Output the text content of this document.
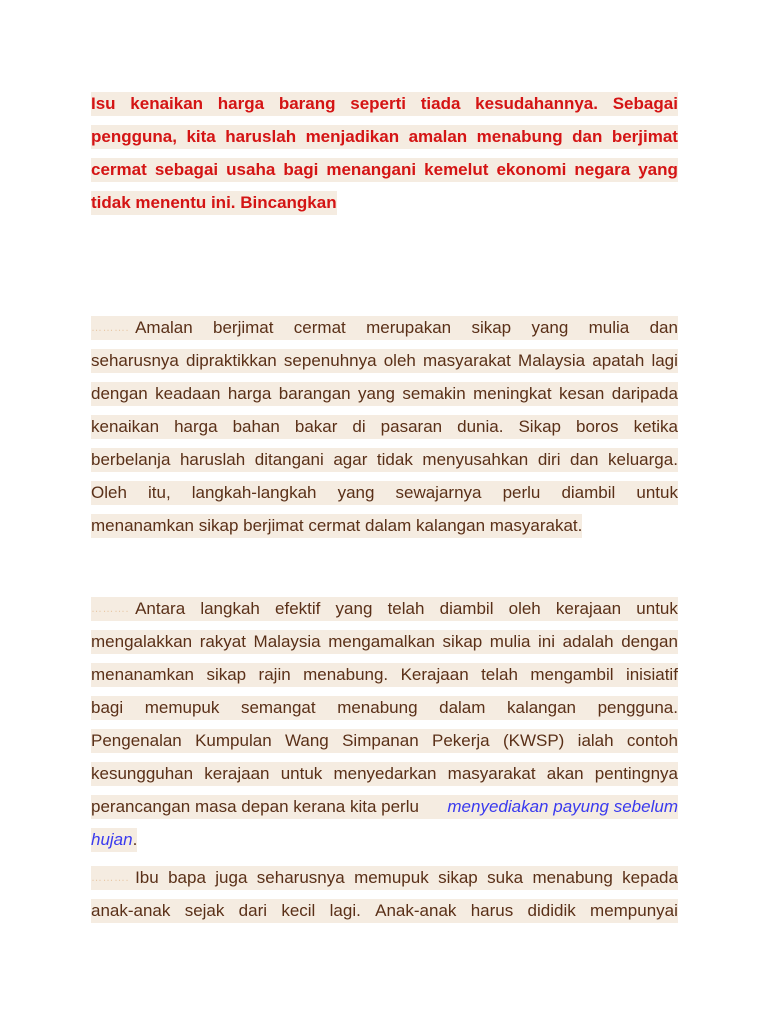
Isu kenaikan harga barang seperti tiada kesudahannya. Sebagai
pengguna, kita haruslah menjadikan amalan menabung dan berjimat
cermat sebagai usaha bagi menangani kemelut ekonomi negara yang
tidak menentu ini. Bincangkan
………. Amalan berjimat cermat merupakan sikap yang mulia dan
seharusnya dipraktikkan sepenuhnya oleh masyarakat Malaysia apatah lagi
dengan keadaan harga barangan yang semakin meningkat kesan daripada
kenaikan harga bahan bakar di pasaran dunia. Sikap boros ketika
berbelanja haruslah ditangani agar tidak menyusahkan diri dan keluarga.
Oleh itu, langkah-langkah yang sewajarnya perlu diambil untuk
menanamkan sikap berjimat cermat dalam kalangan masyarakat.
………. Antara langkah efektif yang telah diambil oleh kerajaan untuk
mengalakkan rakyat Malaysia mengamalkan sikap mulia ini adalah dengan
menanamkan sikap rajin menabung. Kerajaan telah mengambil inisiatif
bagi memupuk semangat menabung dalam kalangan pengguna.
Pengenalan Kumpulan Wang Simpanan Pekerja (KWSP) ialah contoh
kesungguhan kerajaan untuk menyedarkan masyarakat akan pentingnya
perancangan masa depan kerana kita perlu menyediakan payung sebelum
hujan.
………. Ibu bapa juga seharusnya memupuk sikap suka menabung kepada
anak-anak sejak dari kecil lagi. Anak-anak harus dididik mempunyai
